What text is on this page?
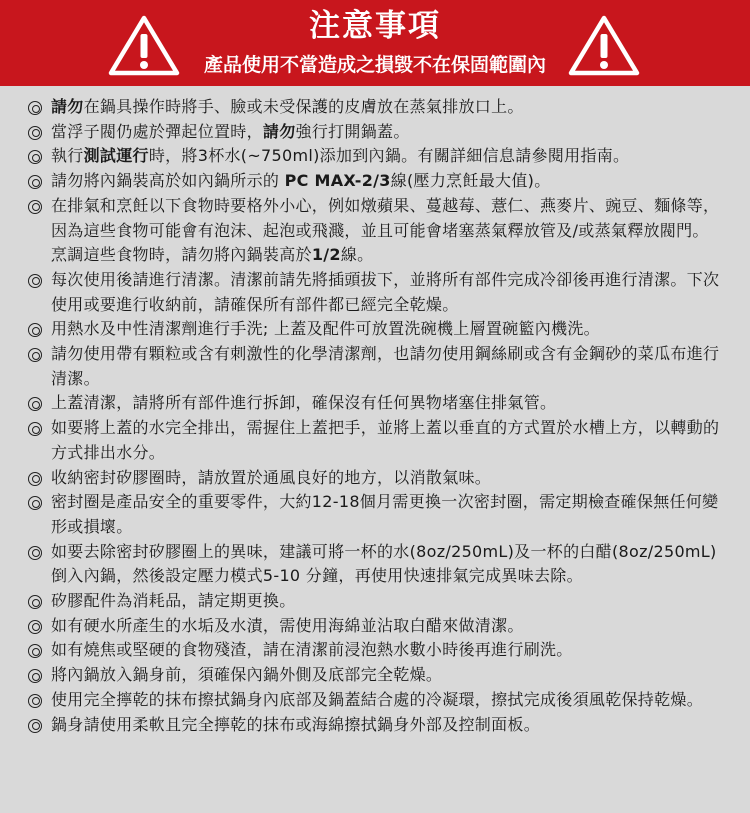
注意事項
產品使用不當造成之損毀不在保固範圍內
請勿在鍋具操作時將手、臉或未受保護的皮膚放在蒸氣排放口上。
當浮子閥仍處於彈起位置時，請勿強行打開鍋蓋。
執行測試運行時，將3杯水(~750ml)添加到內鍋。有關詳細信息請參閱用指南。
請勿將內鍋裝高於如內鍋所示的 PC MAX-2/3線(壓力烹飪最大值)。
在排氣和烹飪以下食物時要格外小心，例如燉蘋果、蔓越莓、薏仁、燕麥片、豌豆、麵條等，因為這些食物可能會有泡沫、起泡或飛濺，並且可能會堵塞蒸氣釋放管及/或蒸氣釋放閥門。烹調這些食物時，請勿將內鍋裝高於1/2線。
每次使用後請進行清潔。清潔前請先將插頭拔下，並將所有部件完成冷卻後再進行清潔。下次使用或要進行收納前，請確保所有部件都已經完全乾燥。
用熱水及中性清潔劑進行手洗; 上蓋及配件可放置洗碗機上層置碗籃內機洗。
請勿使用帶有顆粒或含有刺激性的化學清潔劑，也請勿使用鋼絲刷或含有金鋼砂的菜瓜布進行清潔。
上蓋清潔，請將所有部件進行拆卸，確保沒有任何異物堵塞住排氣管。
如要將上蓋的水完全排出，需握住上蓋把手，並將上蓋以垂直的方式置於水槽上方，以轉動的方式排出水分。
收納密封矽膠圈時，請放置於通風良好的地方，以消散氣味。
密封圈是產品安全的重要零件，大約12-18個月需更換一次密封圈，需定期檢查確保無任何變形或損壞。
如要去除密封矽膠圈上的異味，建議可將一杯的水(8oz/250mL)及一杯的白醋(8oz/250mL) 倒入內鍋，然後設定壓力模式5-10 分鐘，再使用快速排氣完成異味去除。
矽膠配件為消耗品，請定期更換。
如有硬水所產生的水垢及水漬，需使用海綿並沾取白醋來做清潔。
如有燒焦或堅硬的食物殘渣，請在清潔前浸泡熱水數小時後再進行刷洗。
將內鍋放入鍋身前，須確保內鍋外側及底部完全乾燥。
使用完全擰乾的抹布擦拭鍋身內底部及鍋蓋結合處的冷凝環，擦拭完成後須風乾保持乾燥。
鍋身請使用柔軟且完全擰乾的抹布或海綿擦拭鍋身外部及控制面板。
